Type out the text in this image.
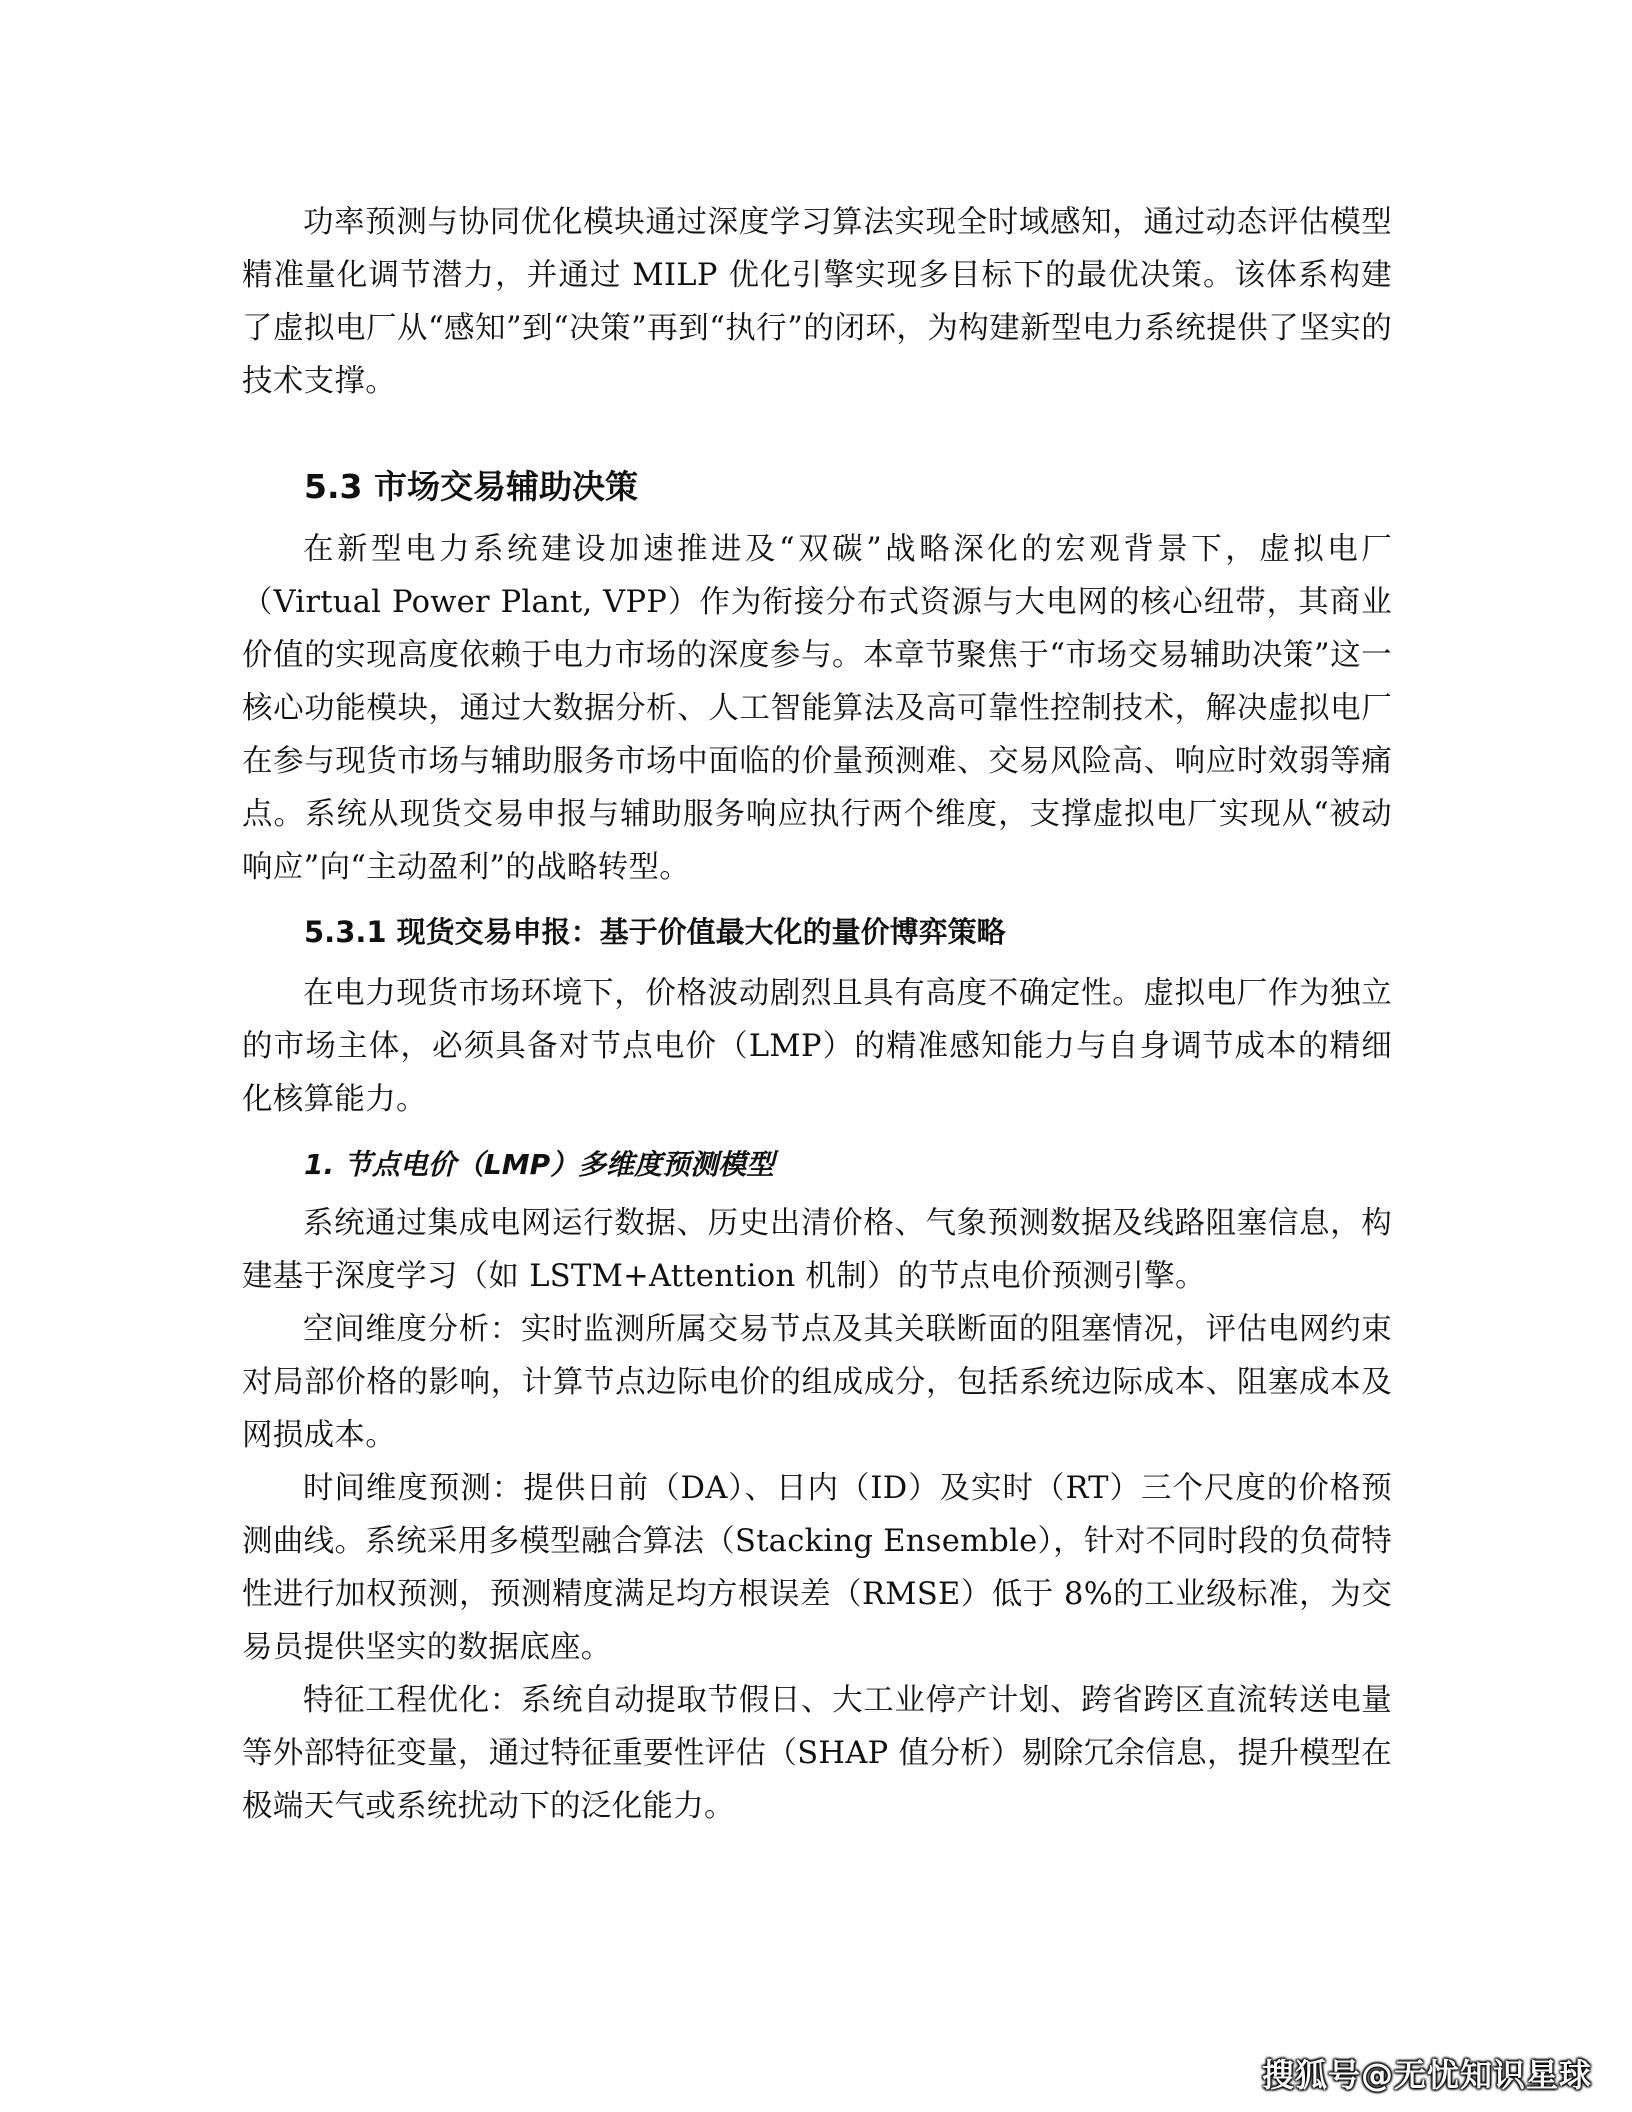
功率预测与协同优化模块通过深度学习算法实现全时域感知，通过动态评估模型精准量化调节潜力，并通过 MILP 优化引擎实现多目标下的最优决策。该体系构建了虚拟电厂从“感知”到“决策”再到“执行”的闭环，为构建新型电力系统提供了坚实的技术支撑。

5.3 市场交易辅助决策

在新型电力系统建设加速推进及“双碳”战略深化的宏观背景下，虚拟电厂（Virtual Power Plant, VPP）作为衔接分布式资源与大电网的核心纽带，其商业价值的实现高度依赖于电力市场的深度参与。本章节聚焦于“市场交易辅助决策”这一核心功能模块，通过大数据分析、人工智能算法及高可靠性控制技术，解决虚拟电厂在参与现货市场与辅助服务市场中面临的价量预测难、交易风险高、响应时效弱等痛点。系统从现货交易申报与辅助服务响应执行两个维度，支撑虚拟电厂实现从“被动响应”向“主动盈利”的战略转型。

5.3.1 现货交易申报：基于价值最大化的量价博弈策略

在电力现货市场环境下，价格波动剧烈且具有高度不确定性。虚拟电厂作为独立的市场主体，必须具备对节点电价（LMP）的精准感知能力与自身调节成本的精细化核算能力。

1. 节点电价（LMP）多维度预测模型

系统通过集成电网运行数据、历史出清价格、气象预测数据及线路阻塞信息，构建基于深度学习（如 LSTM+Attention 机制）的节点电价预测引擎。

空间维度分析：实时监测所属交易节点及其关联断面的阻塞情况，评估电网约束对局部价格的影响，计算节点边际电价的组成成分，包括系统边际成本、阻塞成本及网损成本。

时间维度预测：提供日前（DA）、日内（ID）及实时（RT）三个尺度的价格预测曲线。系统采用多模型融合算法（Stacking Ensemble），针对不同时段的负荷特性进行加权预测，预测精度满足均方根误差（RMSE）低于 8%的工业级标准，为交易员提供坚实的数据底座。

特征工程优化：系统自动提取节假日、大工业停产计划、跨省跨区直流转送电量等外部特征变量，通过特征重要性评估（SHAP 值分析）剔除冗余信息，提升模型在极端天气或系统扰动下的泛化能力。

搜狐号@无忧知识星球
